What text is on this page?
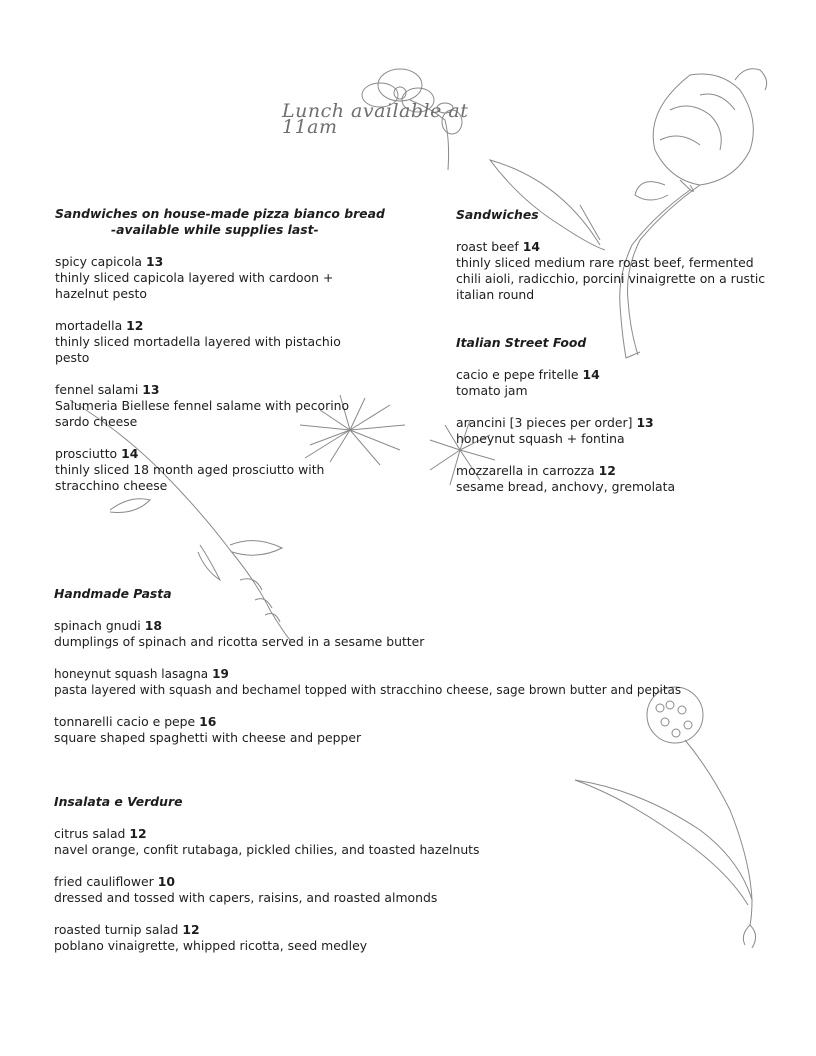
Lunch available at 11am
Sandwiches on house-made pizza bianco bread
-available while supplies last-
spicy capicola 13
thinly sliced capicola layered with cardoon +
hazelnut pesto
mortadella 12
thinly sliced mortadella layered with pistachio
pesto
fennel salami 13
Salumeria Biellese fennel salame with pecorino
sardo cheese
prosciutto 14
thinly sliced 18 month aged prosciutto with
stracchino cheese
Sandwiches
roast beef 14
thinly sliced medium rare roast beef, fermented
chili aioli, radicchio, porcini vinaigrette on a rustic
italian round
Italian Street Food
cacio e pepe fritelle 14
tomato jam
arancini [3 pieces per order] 13
honeynut squash + fontina
mozzarella in carrozza 12
sesame bread, anchovy, gremolata
Handmade Pasta
spinach gnudi 18
dumplings of spinach and ricotta served in a sesame butter
honeynut squash lasagna 19
pasta layered with squash and bechamel topped with stracchino cheese, sage brown butter and pepitas
tonnarelli cacio e pepe 16
square shaped spaghetti with cheese and pepper
Insalata e Verdure
citrus salad 12
navel orange, confit rutabaga, pickled chilies, and toasted hazelnuts
fried cauliflower 10
dressed and tossed with capers, raisins, and roasted almonds
roasted turnip salad 12
poblano vinaigrette, whipped ricotta, seed medley
